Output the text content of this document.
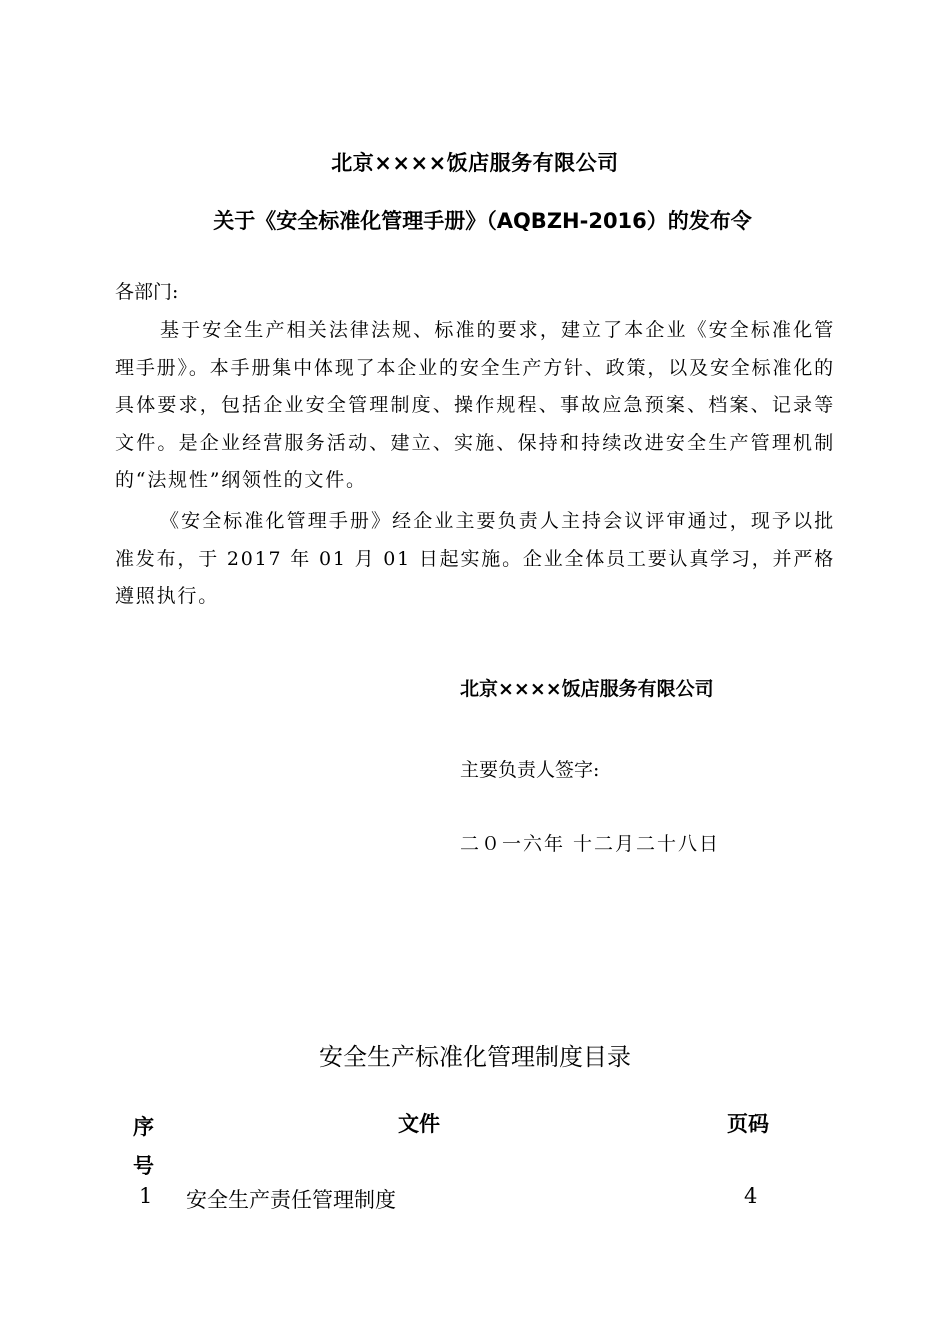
北京××××饭店服务有限公司
关于《安全标准化管理手册》（AQBZH-2016）的发布令
各部门:

基于安全生产相关法律法规、标准的要求，建立了本企业《安全标准化管理手册》。本手册集中体现了本企业的安全生产方针、政策，以及安全标准化的具体要求，包括企业安全管理制度、操作规程、事故应急预案、档案、记录等文件。是企业经营服务活动、建立、实施、保持和持续改进安全生产管理机制的“法规性”纲领性的文件。

《安全标准化管理手册》经企业主要负责人主持会议评审通过，现予以批准发布，于 2017 年 01 月 01 日起实施。企业全体员工要认真学习，并严格遵照执行。

北京××××饭店服务有限公司
主要负责人签字:
二０一六年 十二月二十八日
安全生产标准化管理制度目录
序号
文件	页码
1 安全生产责任管理制度	4
